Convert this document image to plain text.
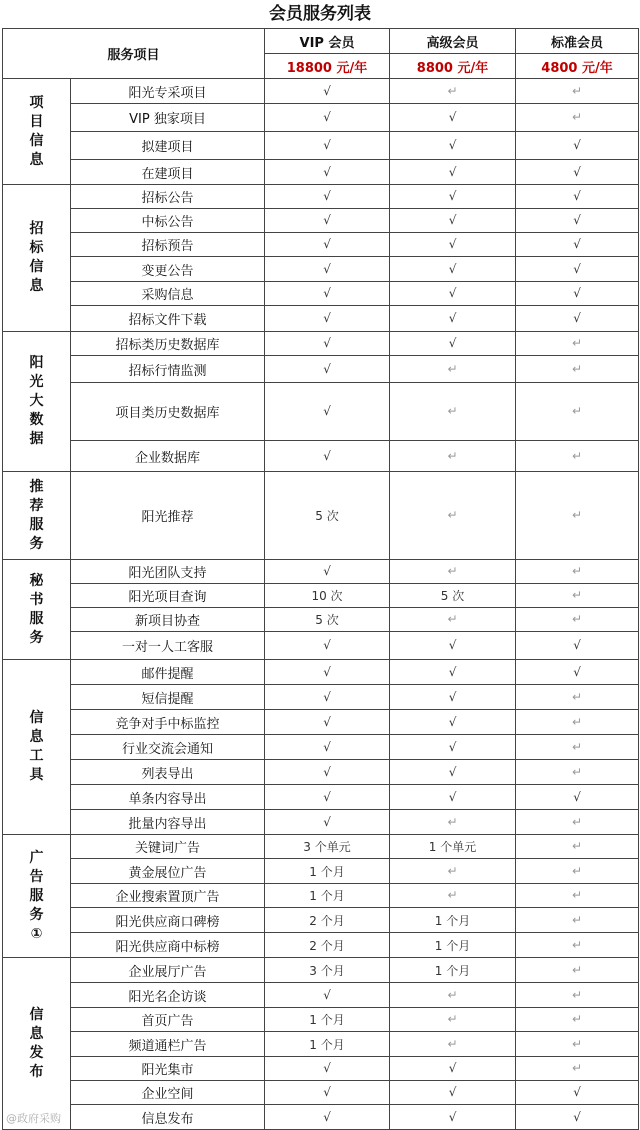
会员服务列表
服务项目		VIP 会员	高级会员	标准会员
		18800 元/年	8800 元/年	4800 元/年
项目信息	阳光专采项目	√	↵	↵
	VIP 独家项目	√	√	↵
	拟建项目	√	√	√
	在建项目	√	√	√
招标信息	招标公告	√	√	√
	中标公告	√	√	√
	招标预告	√	√	√
	变更公告	√	√	√
	采购信息	√	√	√
	招标文件下载	√	√	√
阳光大数据	招标类历史数据库	√	√	↵
	招标行情监测	√	↵	↵
	项目类历史数据库	√	↵	↵
	企业数据库	√	↵	↵
推荐服务	阳光推荐	5 次	↵	↵
秘书服务	阳光团队支持	√	↵	↵
	阳光项目查询	10 次	5 次	↵
	新项目协查	5 次	↵	↵
	一对一人工客服	√	√	√
信息工具	邮件提醒	√	√	√
	短信提醒	√	√	↵
	竞争对手中标监控	√	√	↵
	行业交流会通知	√	√	↵
	列表导出	√	√	↵
	单条内容导出	√	√	√
	批量内容导出	√	↵	↵
广告服务①	关键词广告	3 个单元	1 个单元	↵
	黄金展位广告	1 个月	↵	↵
	企业搜索置顶广告	1 个月	↵	↵
	阳光供应商口碑榜	2 个月	1 个月	↵
	阳光供应商中标榜	2 个月	1 个月	↵
信息发布	企业展厅广告	3 个月	1 个月	↵
	阳光名企访谈	√	↵	↵
	首页广告	1 个月	↵	↵
	频道通栏广告	1 个月	↵	↵
	阳光集市	√	√	↵
	企业空间	√	√	√
	信息发布	√	√	√
@政府采购
